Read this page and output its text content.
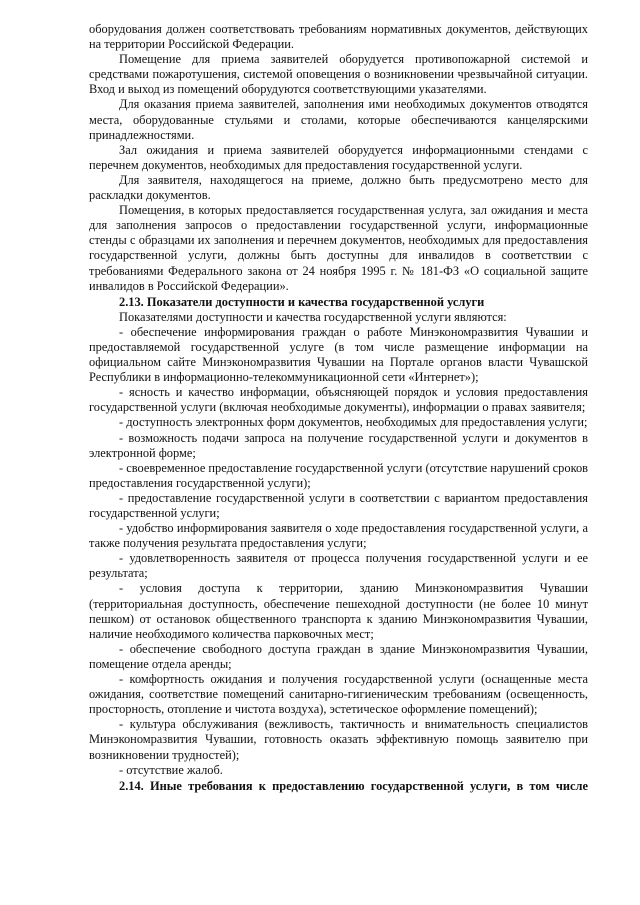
оборудования должен соответствовать требованиям нормативных документов, действующих на территории Российской Федерации.

Помещение для приема заявителей оборудуется противопожарной системой и средствами пожаротушения, системой оповещения о возникновении чрезвычайной ситуации. Вход и выход из помещений оборудуются соответствующими указателями.

Для оказания приема заявителей, заполнения ими необходимых документов отводятся места, оборудованные стульями и столами, которые обеспечиваются канцелярскими принадлежностями.

Зал ожидания и приема заявителей оборудуется информационными стендами с перечнем документов, необходимых для предоставления государственной услуги.

Для заявителя, находящегося на приеме, должно быть предусмотрено место для раскладки документов.

Помещения, в которых предоставляется государственная услуга, зал ожидания и места для заполнения запросов о предоставлении государственной услуги, информационные стенды с образцами их заполнения и перечнем документов, необходимых для предоставления государственной услуги, должны быть доступны для инвалидов в соответствии с требованиями Федерального закона от 24 ноября 1995 г. № 181-ФЗ «О социальной защите инвалидов в Российской Федерации».

2.13. Показатели доступности и качества государственной услуги

Показателями доступности и качества государственной услуги являются:

- обеспечение информирования граждан о работе Минэкономразвития Чувашии и предоставляемой государственной услуге (в том числе размещение информации на официальном сайте Минэкономразвития Чувашии на Портале органов власти Чувашской Республики в информационно-телекоммуникационной сети «Интернет»);

- ясность и качество информации, объясняющей порядок и условия предоставления государственной услуги (включая необходимые документы), информации о правах заявителя;

- доступность электронных форм документов, необходимых для предоставления услуги;

- возможность подачи запроса на получение государственной услуги и документов в электронной форме;

- своевременное предоставление государственной услуги (отсутствие нарушений сроков предоставления государственной услуги);

- предоставление государственной услуги в соответствии с вариантом предоставления государственной услуги;

- удобство информирования заявителя о ходе предоставления государственной услуги, а также получения результата предоставления услуги;

- удовлетворенность заявителя от процесса получения государственной услуги и ее результата;

- условия доступа к территории, зданию Минэкономразвития Чувашии (территориальная доступность, обеспечение пешеходной доступности (не более 10 минут пешком) от остановок общественного транспорта к зданию Минэкономразвития Чувашии, наличие необходимого количества парковочных мест;

- обеспечение свободного доступа граждан в здание Минэкономразвития Чувашии, помещение отдела аренды;

- комфортность ожидания и получения государственной услуги (оснащенные места ожидания, соответствие помещений санитарно-гигиеническим требованиям (освещенность, просторность, отопление и чистота воздуха), эстетическое оформление помещений);

- культура обслуживания (вежливость, тактичность и внимательность специалистов Минэкономразвития Чувашии, готовность оказать эффективную помощь заявителю при возникновении трудностей);

- отсутствие жалоб.

2.14. Иные требования к предоставлению государственной услуги, в том числе
